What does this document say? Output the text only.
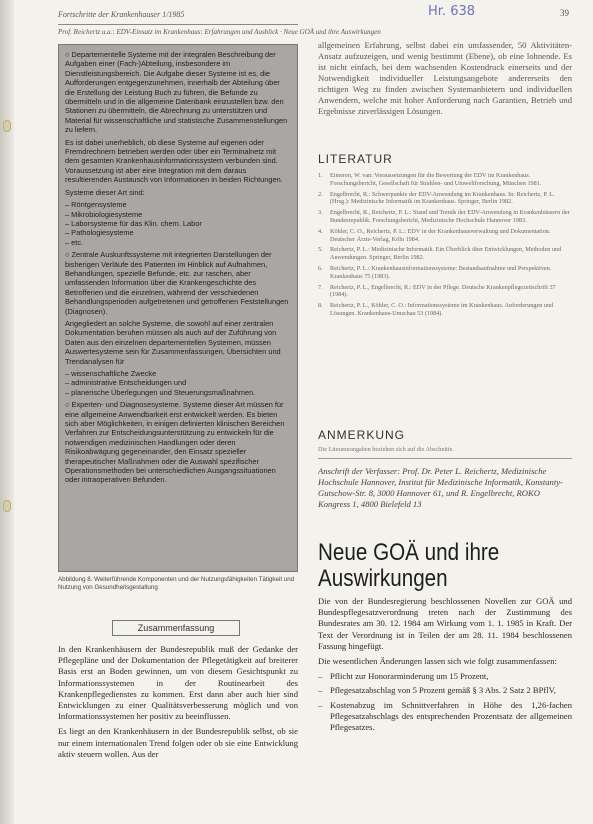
Fortschritte der Krankenhauser 1/1985	Hr. 638	39
Prof. Reichertz u.a.: EDV-Einsatz im Krankenhaus: Erfahrungen und Ausblick · Neue GOÄ und ihre Auswirkungen

○ Departementelle Systeme mit der integralen Beschreibung der Aufgaben einer (Fach-)Abteilung, insbesondere im Dienstleistungsbereich. Die Aufgabe dieser Systeme ist es, die Aufforderungen entgegenzunehmen, innerhalb der Abteilung über die Erstellung der Leistung Buch zu führen, die Befunde zu übermitteln und in die allgemeine Datenbank einzustellen bzw. den Stationen zu übermitteln, die Abrechnung zu unterstützen und Material für wissenschaftliche und statistische Zusammenstellungen zu liefern.

Es ist dabei unerheblich, ob diese Systeme auf eigenen oder Fremdrechnern betrieben werden oder über ein Terminalnetz mit dem gesamten Krankenhausinformationssystem verbunden sind. Voraussetzung ist aber eine Integration mit dem daraus resultierenden Austausch von Informationen in beiden Richtungen.

Systeme dieser Art sind:

– Röntgensysteme
– Mikrobiologiesysteme
– Laborsysteme für das Klin. chem. Labor
– Pathologiesysteme
– etc.

○ Zentrale Auskunftssysteme mit integrierten Darstellungen der bisherigen Verläufe des Patienten im Hinblick auf Aufnahmen, Behandlungen, spezielle Befunde, etc. zur raschen, aber umfassenden Information über die Krankengeschichte des Betroffenen und die einzelnen, während der verschiedenen Behandlungsperioden aufgetretenen und getroffenen Feststellungen (Diagnosen).

Angegliedert an solche Systeme, die sowohl auf einer zentralen Dokumentation beruhen müssen als auch auf der Zuführung von Daten aus den einzelnen departementellen Systemen, müssen Auswertesysteme sein für Zusammenfassungen, Übersichten und Trendanalysen für

– wissenschaftliche Zwecke
– administrative Entscheidungen und
– planerische Überlegungen und Steuerungsmaßnahmen.

○ Experten- und Diagnosesysteme. Systeme dieser Art müssen für eine allgemeine Anwendbarkeit erst entwickelt werden. Es bieten sich aber Möglichkeiten, in einigen definierten klinischen Bereichen Verfahren zur Entscheidungsunterstützung zu entwickeln für die notwendigen medizinischen Handlungen oder deren Risikoabwägung gegeneinander, den Einsatz spezieller therapeutischer Maßnahmen oder die Auswahl spezifischer Operationsmethoden bei unterschiedlichen Ausgangssituationen oder intraoperativen Befunden.

Abbildung 8. Weiterführende Komponenten und der Nutzungsfähigkeiten Tätigkeit und Nutzung von Gesundheitsgestaltung
Zusammenfassung

In den Krankenhäusern der Bundesrepublik muß der Gedanke der Pflegepläne und der Dokumentation der Pflegetätigkeit auf breiterer Basis erst an Boden gewinnen, um von diesem Gesichtspunkt zu Informationssystemen in der Routinearbeit des Krankenpflegedienstes zu kommen. Erst dann aber auch hier sind Entwicklungen zu einer Qualitätsverbesserung möglich und von Informationssystemen her positiv zu beeinflussen.

Es liegt an den Krankenhäusern in der Bundesrepublik selbst, ob sie nur einem internationalen Trend folgen oder ob sie eine Entwicklung aktiv steuern wollen. Aus der

allgemeinen Erfahrung, selbst dabei ein umfassender, 50 Aktivitäten-Ansatz aufzuzeigen, und wenig bestimmt (Ebene), ob eine lohnende. Es ist nicht einfach, bei dem wachsenden Kostendruck einerseits und der Notwendigkeit individueller Leistungsangebote andererseits den richtigen Weg zu finden zwischen Systemanbietern und individuellen Anwendern, welche mit hoher Anforderung nach Garantien, Betrieb und Ergebnisse zuverlässigen Lösungen.
LITERATUR
1. Eimeren, W. van: Voraussetzungen für die Bewertung der EDV im Krankenhaus. Forschungsbericht, Gesellschaft für Strahlen- und Umweltforschung, München 1981.
2. Engelbrecht, R.: Schwerpunkte der EDV-Anwendung im Krankenhaus. In: Reichertz, P. L. (Hrsg.): Medizinische Informatik im Krankenhaus. Springer, Berlin 1982.
3. Engelbrecht, R., Reichertz, P. L.: Stand und Trends der EDV-Anwendung in Krankenhäusern der Bundesrepublik. Forschungsbericht, Medizinische Hochschule Hannover 1983.
4. Köhler, C. O., Reichertz, P. L.: EDV in der Krankenhausverwaltung und Dokumentation. Deutscher Ärzte-Verlag, Köln 1984.
5. Reichertz, P. L.: Medizinische Informatik. Ein Überblick über Entwicklungen, Methoden und Anwendungen. Springer, Berlin 1982.
6. Reichertz, P. L.: Krankenhausinformationssysteme: Bestandsaufnahme und Perspektiven. Krankenhaus 75 (1983).
7. Reichertz, P. L., Engelbrecht, R.: EDV in der Pflege. Deutsche Krankenpflegezeitschrift 37 (1984).
8. Reichertz, P. L., Köhler, C. O.: Informationssysteme im Krankenhaus. Anforderungen und Lösungen. Krankenhaus-Umschau 53 (1984).
ANMERKUNG
Die Literaturangaben beziehen sich auf die Abschnitte.
Anschrift der Verfasser: Prof. Dr. Peter L. Reichertz, Medizinische Hochschule Hannover, Institut für Medizinische Informatik, Konstanty-Gutschow-Str. 8, 3000 Hannover 61, und R. Engelbrecht, ROKO Kongress 1, 4800 Bielefeld 13
Neue GOÄ und ihre Auswirkungen

Die von der Bundesregierung beschlossenen Novellen zur GOÄ und Bundespflegesatzverordnung treten nach der Zustimmung des Bundesrates am 30. 12. 1984 am Wirkung vom 1. 1. 1985 in Kraft. Der Text der Verordnung ist in Teilen der am 28. 11. 1984 beschlossenen Fassung hingefügt.

Die wesentlichen Änderungen lassen sich wie folgt zusammenfassen:

– Pflicht zur Honorarminderung um 15 Prozent,
– Pflegesatzabschlag von 5 Prozent gemäß § 3 Abs. 2 Satz 2 BPflV,
– Kostenabzug im Schnittverfahren in Höhe des 1,26-fachen Pflegesatzabschlags des entsprechenden Prozentsatz der allgemeinen Pflegesatzes.
